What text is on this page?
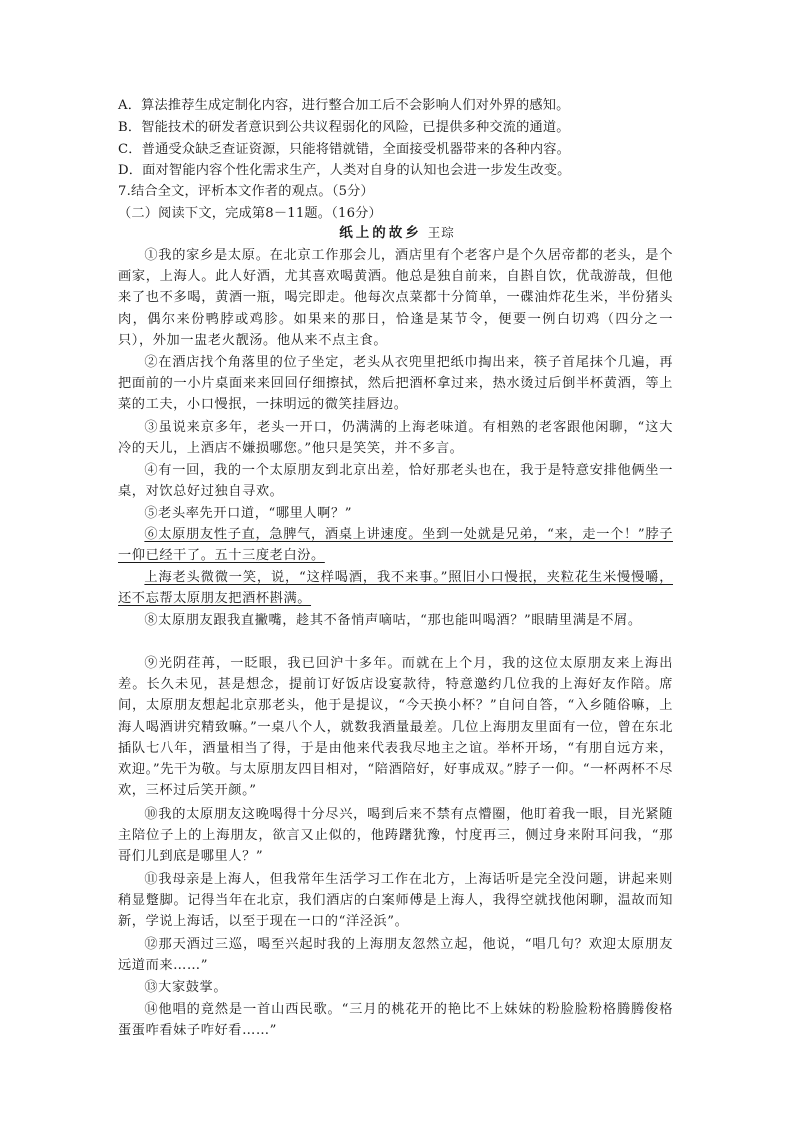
A．算法推荐生成定制化内容，进行整合加工后不会影响人们对外界的感知。
B．智能技术的研发者意识到公共议程弱化的风险，已提供多种交流的通道。
C．普通受众缺乏查证资源，只能将错就错，全面接受机器带来的各种内容。
D．面对智能内容个性化需求生产，人类对自身的认知也会进一步发生改变。
7.结合全文，评析本文作者的观点。（5分）
（二）阅读下文，完成第8－11题。（16分）
纸上的故乡 王琮

①我的家乡是太原。在北京工作那会儿，酒店里有个老客户是个久居帝都的老头，是个画家，上海人。此人好酒，尤其喜欢喝黄酒。他总是独自前来，自斟自饮，优哉游哉，但他来了也不多喝，黄酒一瓶，喝完即走。他每次点菜都十分简单，一碟油炸花生米，半份猪头肉，偶尔来份鸭脖或鸡胗。如果来的那日，恰逢是某节令，便要一例白切鸡（四分之一只），外加一盅老火靓汤。他从来不点主食。

②在酒店找个角落里的位子坐定，老头从衣兜里把纸巾掏出来，筷子首尾抹个几遍，再把面前的一小片桌面来来回回仔细擦拭，然后把酒杯拿过来，热水烫过后倒半杯黄酒，等上菜的工夫，小口慢抿，一抹明远的微笑挂唇边。

③虽说来京多年，老头一开口，仍满满的上海老味道。有相熟的老客跟他闲聊，“这大冷的天儿，上酒店不嫌损哪您。”他只是笑笑，并不多言。

④有一回，我的一个太原朋友到北京出差，恰好那老头也在，我于是特意安排他俩坐一桌，对饮总好过独自寻欢。

⑤老头率先开口道，“哪里人啊？”

⑥太原朋友性子直，急脾气，酒桌上讲速度。坐到一处就是兄弟，“来，走一个！”脖子一仰已经干了。五十三度老白汾。

上海老头微微一笑，说，“这样喝酒，我不来事。”照旧小口慢抿，夹粒花生米慢慢嚼，还不忘帮太原朋友把酒杯斟满。

⑧太原朋友跟我直撇嘴，趁其不备悄声嘀咕，“那也能叫喝酒？”眼睛里满是不屑。

⑨光阴荏苒，一眨眼，我已回沪十多年。而就在上个月，我的这位太原朋友来上海出差。长久未见，甚是想念，提前订好饭店设宴款待，特意邀约几位我的上海好友作陪。席间，太原朋友想起北京那老头，他于是提议，“今天换小杯？”自问自答，“入乡随俗嘛，上海人喝酒讲究精致嘛。”一桌八个人，就数我酒量最差。几位上海朋友里面有一位，曾在东北插队七八年，酒量相当了得，于是由他来代表我尽地主之谊。举杯开场，“有朋自远方来，欢迎。”先干为敬。与太原朋友四目相对，“陪酒陪好，好事成双。”脖子一仰。“一杯两杯不尽欢，三杯过后笑开颜。”

⑩我的太原朋友这晚喝得十分尽兴，喝到后来不禁有点懵圈，他盯着我一眼，目光紧随主陪位子上的上海朋友，欲言又止似的，他踌躇犹豫，忖度再三，侧过身来附耳问我，“那哥们儿到底是哪里人？”

⑪我母亲是上海人，但我常年生活学习工作在北方，上海话听是完全没问题，讲起来则稍显蹩脚。记得当年在北京，我们酒店的白案师傅是上海人，我得空就找他闲聊，温故而知新，学说上海话，以至于现在一口的“洋泾浜”。

⑫那天酒过三巡，喝至兴起时我的上海朋友忽然立起，他说，“唱几句？欢迎太原朋友远道而来……”

⑬大家鼓掌。

⑭他唱的竟然是一首山西民歌。“三月的桃花开的艳比不上妹妹的粉脸脸粉格腾腾俊格蛋蛋咋看妹子咋好看……”
